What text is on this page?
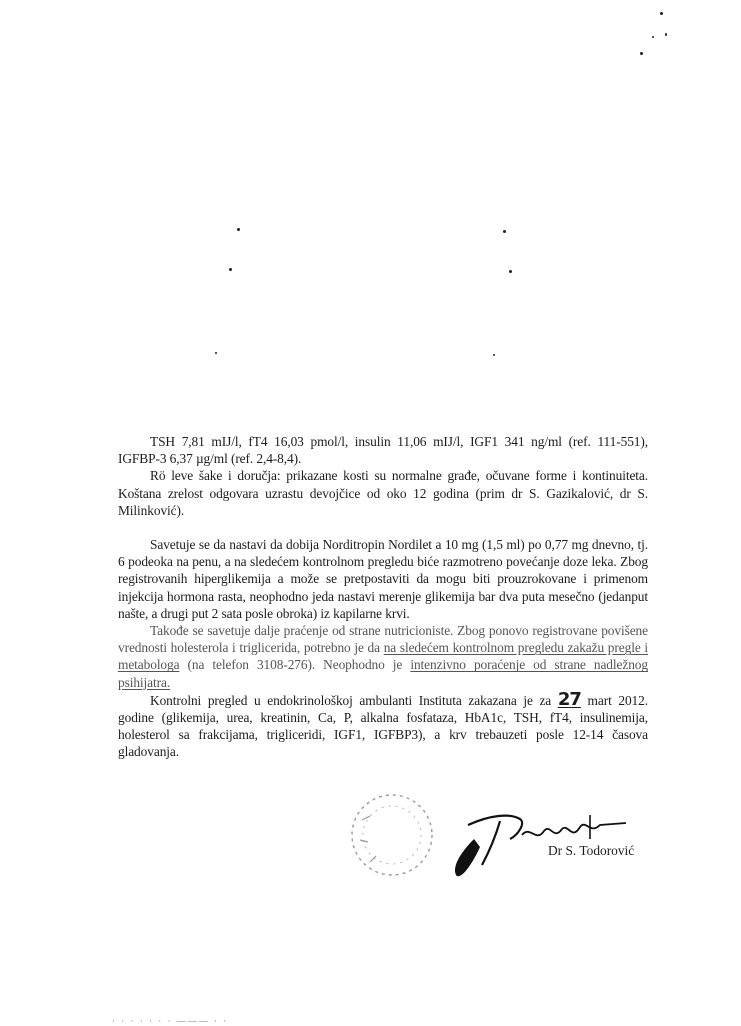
TSH 7,81 mIJ/l, fT4 16,03 pmol/l, insulin 11,06 mIJ/l, IGF1 341 ng/ml (ref. 111-551), IGFBP-3 6,37 µg/ml (ref. 2,4-8,4).

Rö leve šake i doručja: prikazane kosti su normalne građe, očuvane forme i kontinuiteta. Koštana zrelost odgovara uzrastu devojčice od oko 12 godina (prim dr S. Gazikalović, dr S. Milinković).

Savetuje se da nastavi da dobija Norditropin Nordilet a 10 mg (1,5 ml) po 0,77 mg dnevno, tj. 6 podeoka na penu, a na sledećem kontrolnom pregledu biće razmotreno povećanje doze leka. Zbog registrovanih hiperglikemija a može se pretpostaviti da mogu biti prouzrokovane i primenom injekcija hormona rasta, neophodno jeda nastavi merenje glikemija bar dva puta mesečno (jedanput našte, a drugi put 2 sata posle obroka) iz kapilarne krvi.

Takođe se savetuje dalje praćenje od strane nutricioniste. Zbog ponovo registrovane povišene vrednosti holesterola i triglicerida, potrebno je da na sledećem kontrolnom pregledu zakažu pregle i metabologa (na telefon 3108-276). Neophodno je intenzivno poraćenje od strane nadležnog psihijatra.

Kontrolni pregled u endokrinološkoj ambulanti Instituta zakazana je za 27 mart 2012. godine (glikemija, urea, kreatinin, Ca, P, alkalna fosfataza, HbA1c, TSH, fT4, insulinemija, holesterol sa frakcijama, trigliceridi, IGF1, IGFBP3), a krv trebauzeti posle 12-14 časova gladovanja.

Dr S. Todorović
· · · · · · · ——— · ·
